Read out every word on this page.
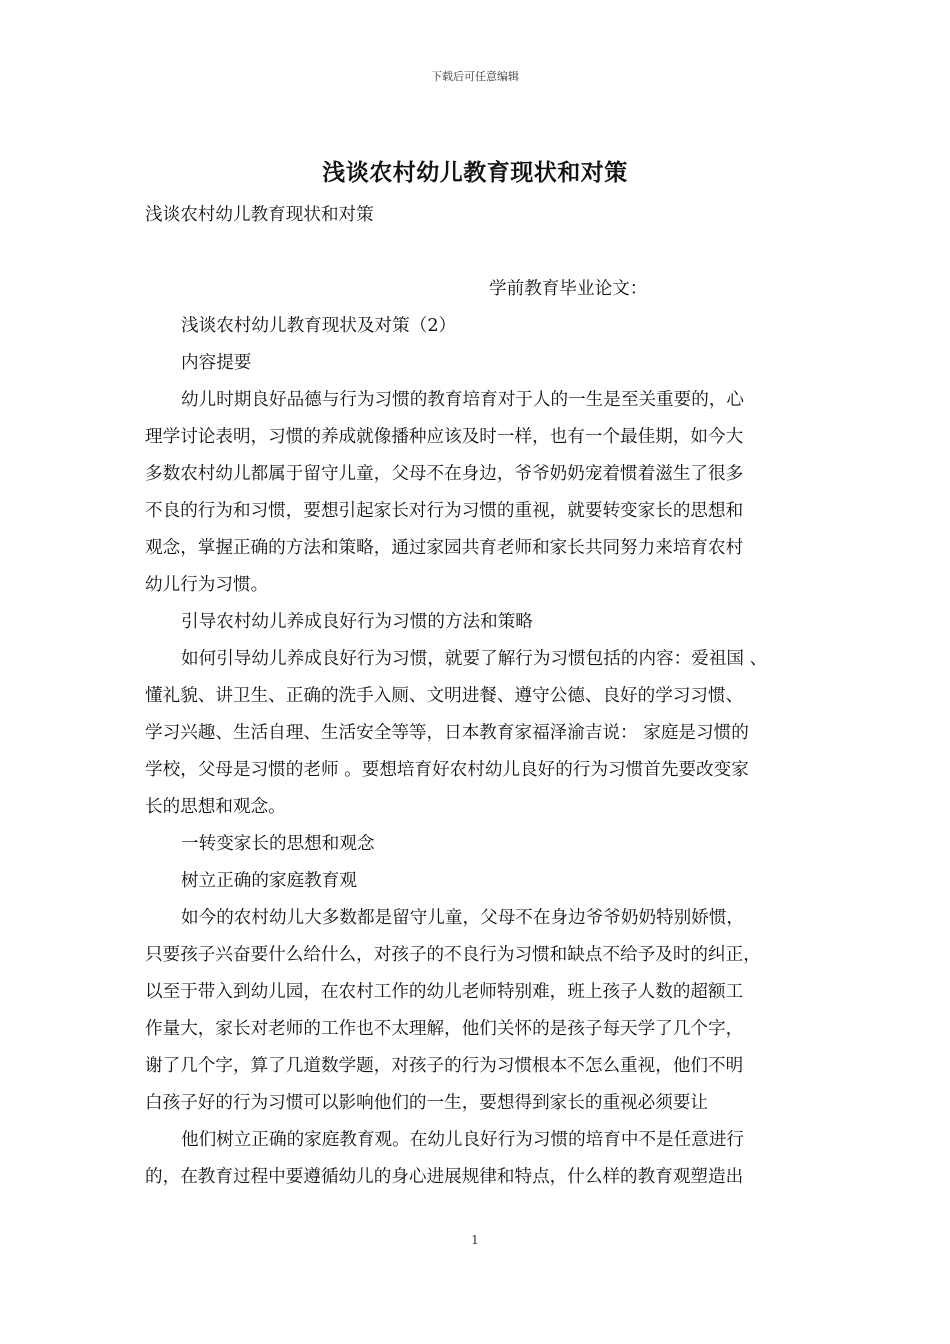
下载后可任意编辑
浅谈农村幼儿教育现状和对策
浅谈农村幼儿教育现状和对策
学前教育毕业论文：
浅谈农村幼儿教育现状及对策（2）
内容提要
幼儿时期良好品德与行为习惯的教育培育对于人的一生是至关重要的，心
理学讨论表明，习惯的养成就像播种应该及时一样，也有一个最佳期，如今大
多数农村幼儿都属于留守儿童，父母不在身边，爷爷奶奶宠着惯着滋生了很多
不良的行为和习惯，要想引起家长对行为习惯的重视，就要转变家长的思想和
观念，掌握正确的方法和策略，通过家园共育老师和家长共同努力来培育农村
幼儿行为习惯。
引导农村幼儿养成良好行为习惯的方法和策略
如何引导幼儿养成良好行为习惯，就要了解行为习惯包括的内容：爱祖国 、
懂礼貌、讲卫生、正确的洗手入厕、文明进餐、遵守公德、良好的学习习惯、
学习兴趣、生活自理、生活安全等等，日本教育家福泽渝吉说： 家庭是习惯的
学校，父母是习惯的老师 。要想培育好农村幼儿良好的行为习惯首先要改变家
长的思想和观念。
一转变家长的思想和观念
树立正确的家庭教育观
如今的农村幼儿大多数都是留守儿童，父母不在身边爷爷奶奶特别娇惯，
只要孩子兴奋要什么给什么，对孩子的不良行为习惯和缺点不给予及时的纠正，
以至于带入到幼儿园，在农村工作的幼儿老师特别难，班上孩子人数的超额工
作量大，家长对老师的工作也不太理解，他们关怀的是孩子每天学了几个字，
谢了几个字，算了几道数学题，对孩子的行为习惯根本不怎么重视，他们不明
白孩子好的行为习惯可以影响他们的一生，要想得到家长的重视必须要让
他们树立正确的家庭教育观。在幼儿良好行为习惯的培育中不是任意进行
的，在教育过程中要遵循幼儿的身心进展规律和特点，什么样的教育观塑造出
1
